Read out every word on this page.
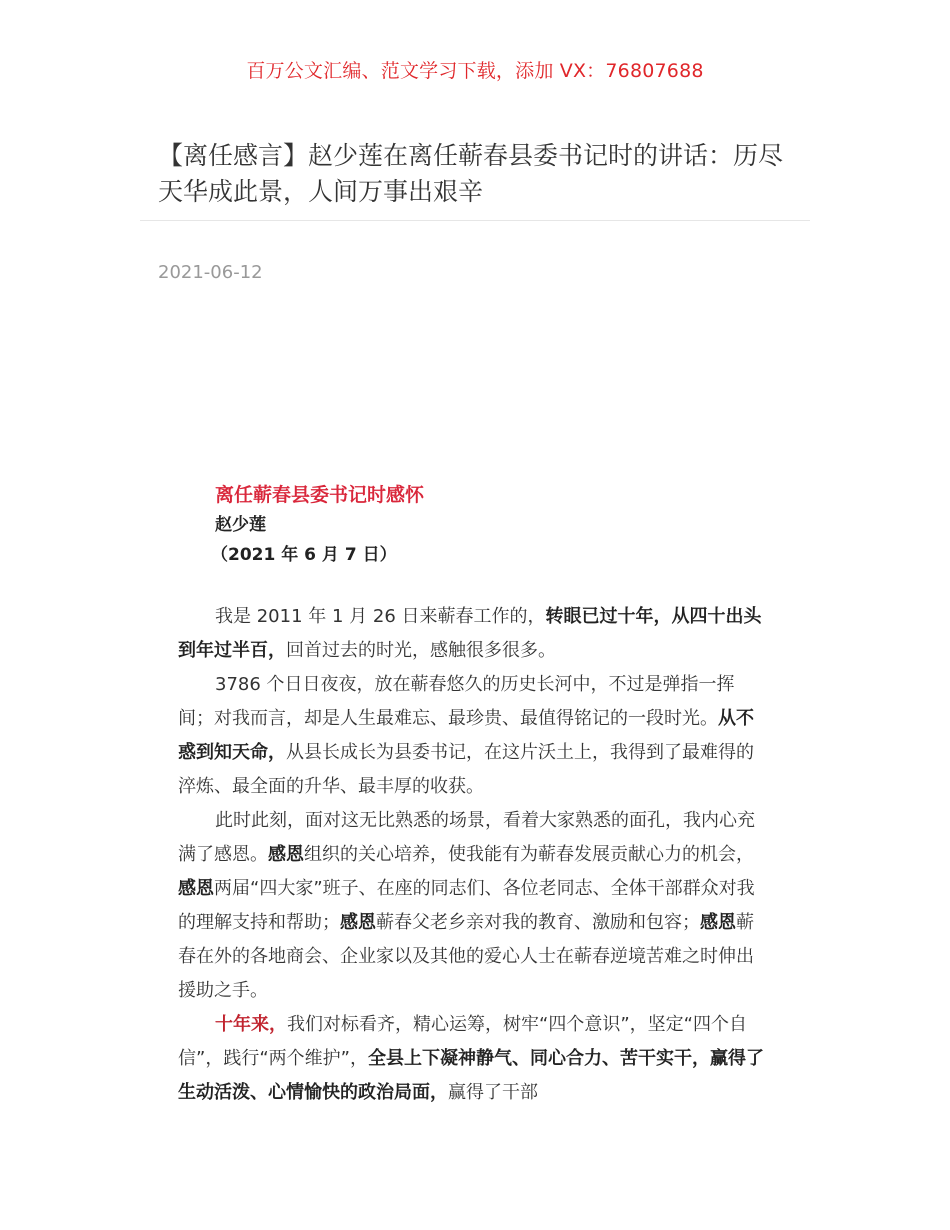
百万公文汇编、范文学习下载，添加 VX：76807688
【离任感言】赵少莲在离任蕲春县委书记时的讲话：历尽天华成此景，人间万事出艰辛
2021-06-12
离任蕲春县委书记时感怀
赵少莲
（2021 年 6 月 7 日）

我是 2011 年 1 月 26 日来蕲春工作的，转眼已过十年，从四十出头到年过半百，回首过去的时光，感触很多很多。

3786 个日日夜夜，放在蕲春悠久的历史长河中，不过是弹指一挥间；对我而言，却是人生最难忘、最珍贵、最值得铭记的一段时光。从不惑到知天命，从县长成长为县委书记，在这片沃土上，我得到了最难得的淬炼、最全面的升华、最丰厚的收获。

此时此刻，面对这无比熟悉的场景，看着大家熟悉的面孔，我内心充满了感恩。感恩组织的关心培养，使我能有为蕲春发展贡献心力的机会，感恩两届“四大家”班子、在座的同志们、各位老同志、全体干部群众对我的理解支持和帮助；感恩蕲春父老乡亲对我的教育、激励和包容；感恩蕲春在外的各地商会、企业家以及其他的爱心人士在蕲春逆境苦难之时伸出援助之手。

十年来，我们对标看齐，精心运筹，树牢“四个意识”，坚定“四个自信”，践行“两个维护”，全县上下凝神静气、同心合力、苦干实干，赢得了生动活泼、心情愉快的政治局面，赢得了干部
